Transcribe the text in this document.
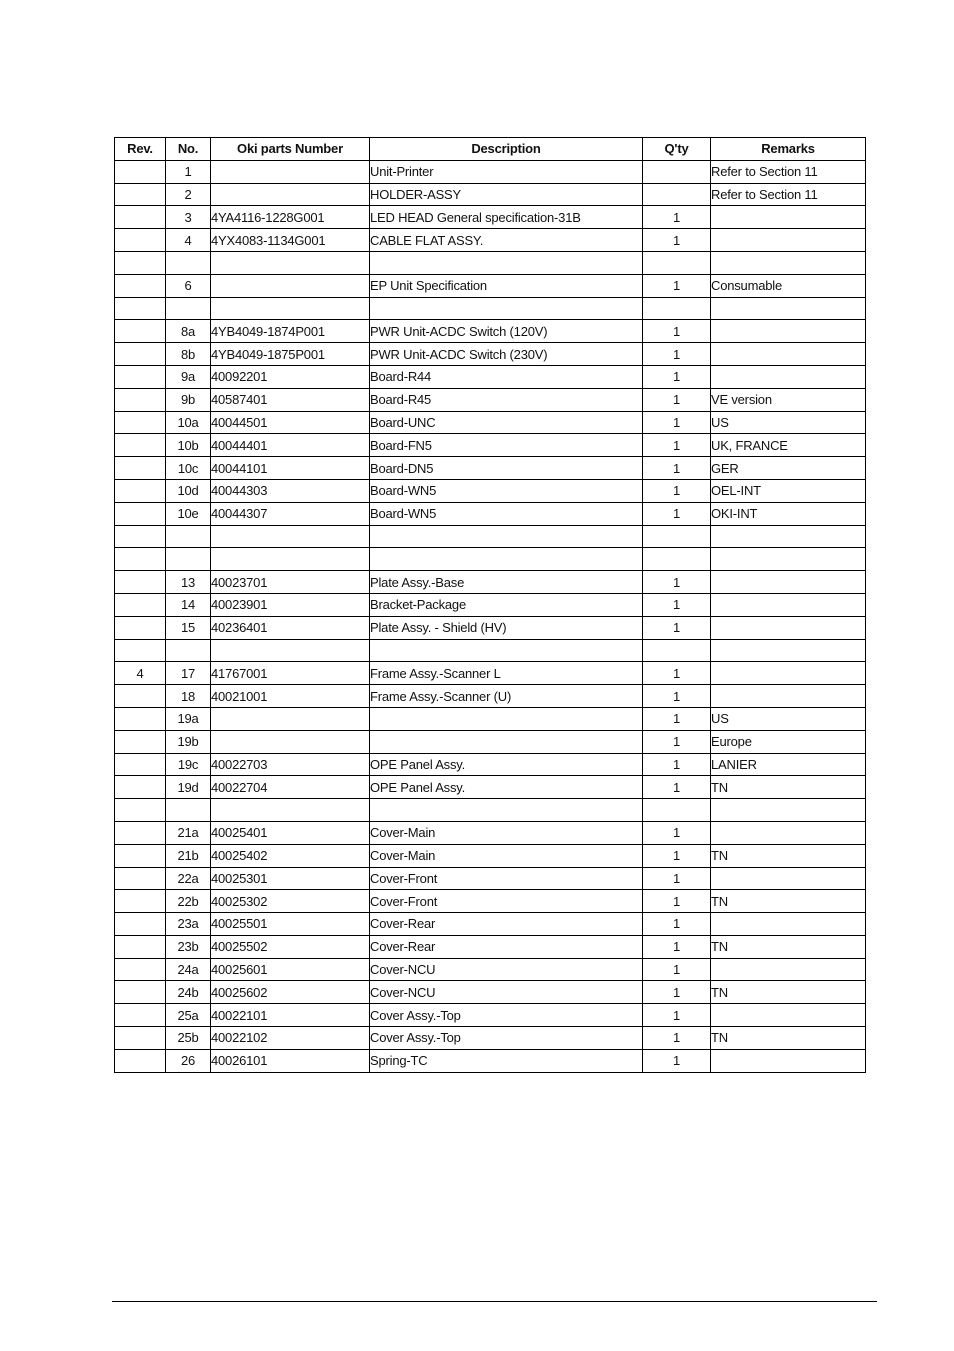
Rev.	No.	Oki parts Number	Description	Q'ty	Remarks
	1		Unit-Printer		Refer to Section 11
	2		HOLDER-ASSY		Refer to Section 11
	3	4YA4116-1228G001	LED HEAD General specification-31B	1	
	4	4YX4083-1134G001	CABLE FLAT ASSY.	1	

	6		EP Unit Specification	1	Consumable

	8a	4YB4049-1874P001	PWR Unit-ACDC Switch (120V)	1	
	8b	4YB4049-1875P001	PWR Unit-ACDC Switch (230V)	1	
	9a	40092201	Board-R44	1	
	9b	40587401	Board-R45	1	VE version
	10a	40044501	Board-UNC	1	US
	10b	40044401	Board-FN5	1	UK, FRANCE
	10c	40044101	Board-DN5	1	GER
	10d	40044303	Board-WN5	1	OEL-INT
	10e	40044307	Board-WN5	1	OKI-INT

	13	40023701	Plate Assy.-Base	1	
	14	40023901	Bracket-Package	1	
	15	40236401	Plate Assy. - Shield (HV)	1	

4	17	41767001	Frame Assy.-Scanner L	1	
	18	40021001	Frame Assy.-Scanner (U)	1	
	19a			1	US
	19b			1	Europe
	19c	40022703	OPE Panel Assy.	1	LANIER
	19d	40022704	OPE Panel Assy.	1	TN

	21a	40025401	Cover-Main	1	
	21b	40025402	Cover-Main	1	TN
	22a	40025301	Cover-Front	1	
	22b	40025302	Cover-Front	1	TN
	23a	40025501	Cover-Rear	1	
	23b	40025502	Cover-Rear	1	TN
	24a	40025601	Cover-NCU	1	
	24b	40025602	Cover-NCU	1	TN
	25a	40022101	Cover Assy.-Top	1	
	25b	40022102	Cover Assy.-Top	1	TN
	26	40026101	Spring-TC	1	
